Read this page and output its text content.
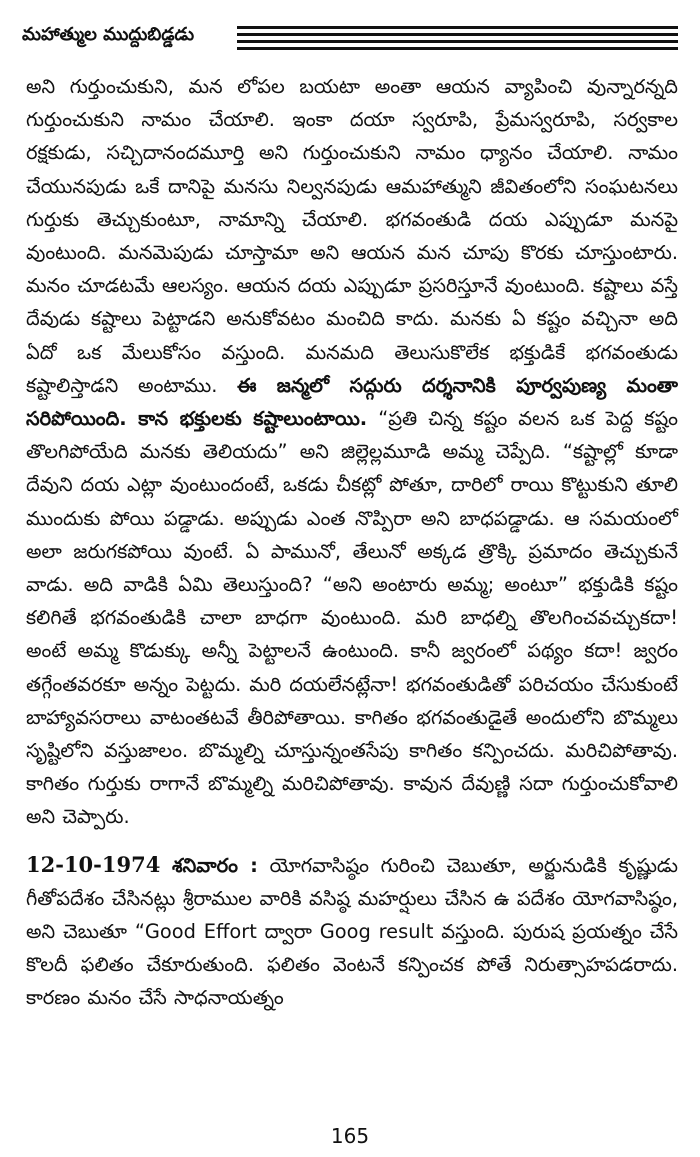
మహాత్ముల ముద్దుబిడ్డడు

అని గుర్తుంచుకుని, మన లోపల బయటా అంతా ఆయన వ్యాపించి వున్నారన్నది గుర్తుంచుకుని నామం చేయాలి. ఇంకా దయా స్వరూపి, ప్రేమస్వరూపి, సర్వకాల రక్షకుడు, సచ్చిదానందమూర్తి అని గుర్తుంచుకుని నామం ధ్యానం చేయాలి. నామం చేయునపుడు ఒకే దానిపై మనసు నిల్వనపుడు ఆమహాత్ముని జీవితంలోని సంఘటనలు గుర్తుకు తెచ్చుకుంటూ, నామాన్ని చేయాలి. భగవంతుడి దయ ఎప్పుడూ మనపై వుంటుంది. మనమెపుడు చూస్తామా అని ఆయన మన చూపు కొరకు చూస్తుంటారు. మనం చూడటమే ఆలస్యం. ఆయన దయ ఎప్పుడూ ప్రసరిస్తూనే వుంటుంది. కష్టాలు వస్తే దేవుడు కష్టాలు పెట్టాడని అనుకోవటం మంచిది కాదు. మనకు ఏ కష్టం వచ్చినా అది ఏదో ఒక మేలుకోసం వస్తుంది. మనమది తెలుసుకొలేక భక్తుడికే భగవంతుడు కష్టాలిస్తాడని అంటాము. ఈ జన్మలో సద్గురు దర్శనానికి పూర్వపుణ్య మంతా సరిపోయింది. కాన భక్తులకు కష్టాలుంటాయి. “ప్రతి చిన్న కష్టం వలన ఒక పెద్ద కష్టం తొలగిపోయేది మనకు తెలియదు” అని జిల్లెల్లమూడి అమ్మ చెప్పేది. “కష్టాల్లో కూడా దేవుని దయ ఎట్లా వుంటుందంటే, ఒకడు చీకట్లో పోతూ, దారిలో రాయి కొట్టుకుని తూలి ముందుకు పోయి పడ్డాడు. అప్పుడు ఎంత నొప్పిరా అని బాధపడ్డాడు. ఆ సమయంలో అలా జరుగకపోయి వుంటే. ఏ పామునో, తేలునో అక్కడ త్రొక్కి ప్రమాదం తెచ్చుకునే వాడు. అది వాడికి ఏమి తెలుస్తుంది? “అని అంటారు అమ్మ; అంటూ” భక్తుడికి కష్టం కలిగితే భగవంతుడికి చాలా బాధగా వుంటుంది. మరి బాధల్ని తొలగించవచ్చుకదా! అంటే అమ్మ కొడుక్కు అన్నీ పెట్టాలనే ఉంటుంది. కానీ జ్వరంలో పథ్యం కదా! జ్వరం తగ్గేంతవరకూ అన్నం పెట్టదు. మరి దయలేనట్లేనా! భగవంతుడితో పరిచయం చేసుకుంటే బాహ్యావసరాలు వాటంతటవే తీరిపోతాయి. కాగితం భగవంతుడైతే అందులోని బొమ్మలు సృష్టిలోని వస్తుజాలం. బొమ్మల్ని చూస్తున్నంతసేపు కాగితం కన్పించదు. మరిచిపోతావు. కాగితం గుర్తుకు రాగానే బొమ్మల్ని మరిచిపోతావు. కావున దేవుణ్ణి సదా గుర్తుంచుకోవాలి అని చెప్పారు.

12-10-1974 శనివారం : యోగవాసిష్ఠం గురించి చెబుతూ, అర్జునుడికి కృష్ణుడు గీతోపదేశం చేసినట్లు శ్రీరాముల వారికి వసిష్ఠ మహర్షులు చేసిన ఉ పదేశం యోగవాసిష్ఠం, అని చెబుతూ “Good Effort ద్వారా Goog result వస్తుంది. పురుష ప్రయత్నం చేసే కొలదీ ఫలితం చేకూరుతుంది. ఫలితం వెంటనే కన్పించక పోతే నిరుత్సాహపడరాదు. కారణం మనం చేసే సాధనాయత్నం

165
